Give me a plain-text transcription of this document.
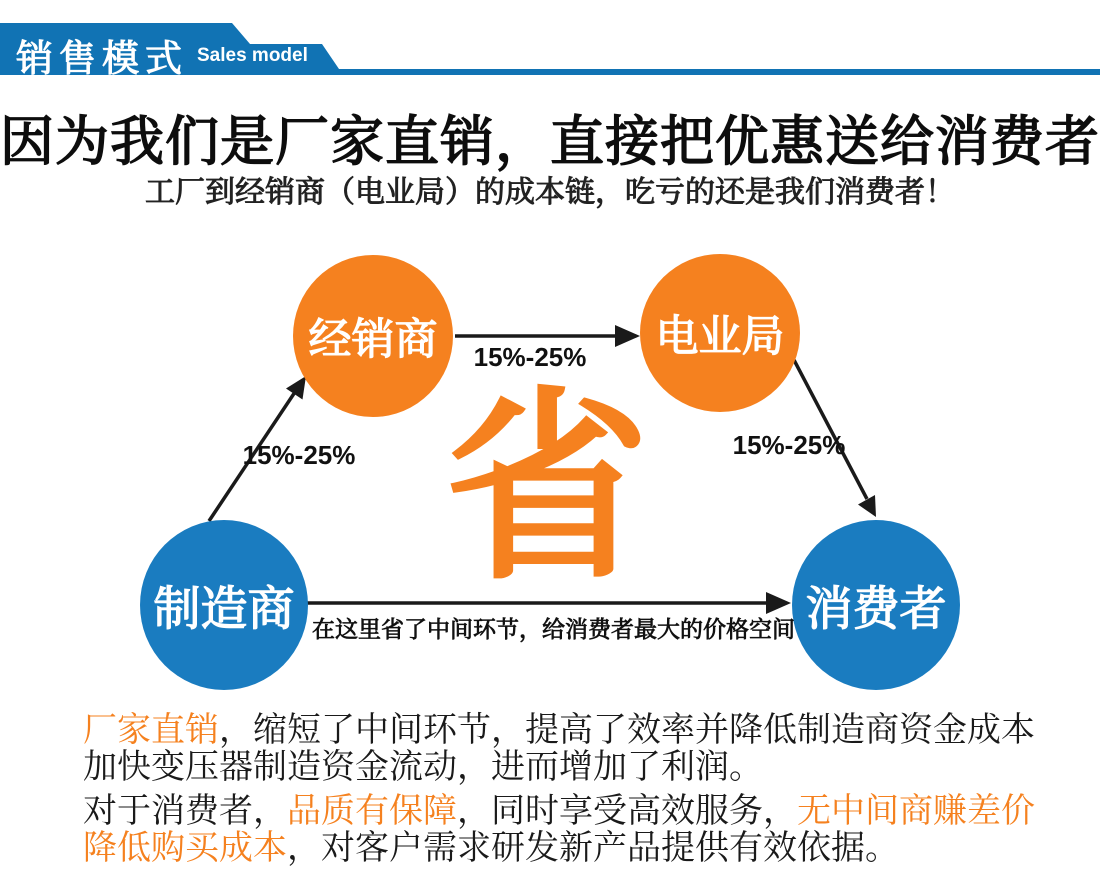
销售模式 Sales model
因为我们是厂家直销，直接把优惠送给消费者
工厂到经销商（电业局）的成本链，吃亏的还是我们消费者！
经销商	电业局
制造商	消费者
省
15%-25%
15%-25%	15%-25%
在这里省了中间环节，给消费者最大的价格空间
厂家直销，缩短了中间环节，提高了效率并降低制造商资金成本
加快变压器制造资金流动，进而增加了利润。
对于消费者，品质有保障，同时享受高效服务，无中间商赚差价
降低购买成本，对客户需求研发新产品提供有效依据。
